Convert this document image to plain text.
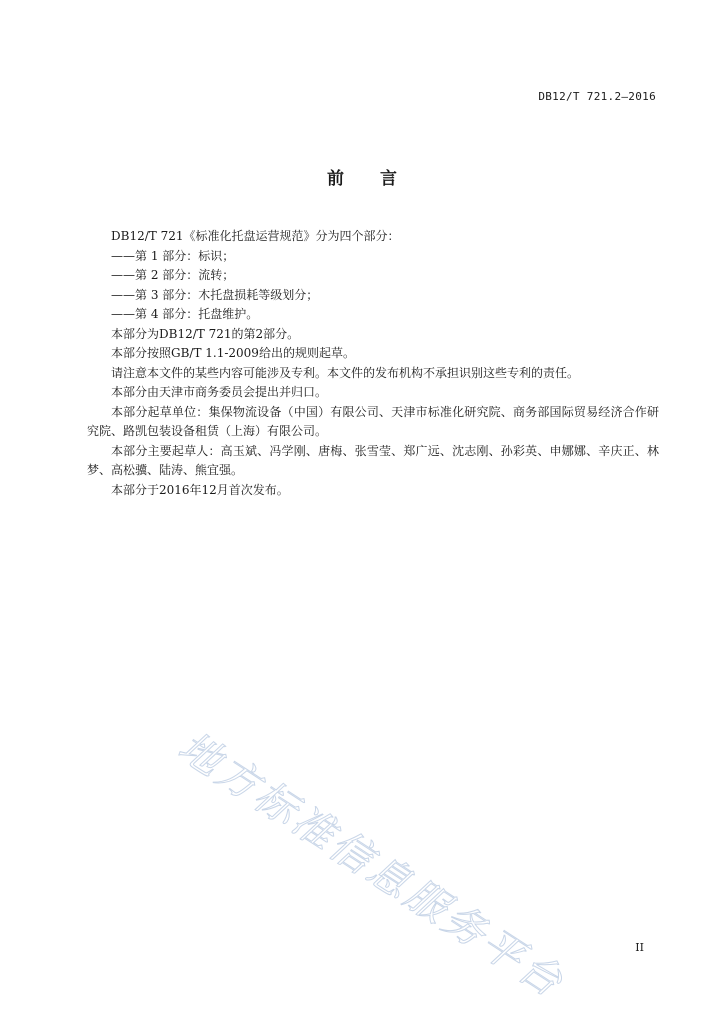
DB12/T 721.2—2016
前言

DB12/T 721《标准化托盘运营规范》分为四个部分：

——第 1 部分：标识；

——第 2 部分：流转；

——第 3 部分：木托盘损耗等级划分；

——第 4 部分：托盘维护。

本部分为DB12/T 721的第2部分。

本部分按照GB/T 1.1-2009给出的规则起草。

请注意本文件的某些内容可能涉及专利。本文件的发布机构不承担识别这些专利的责任。

本部分由天津市商务委员会提出并归口。

本部分起草单位：集保物流设备（中国）有限公司、天津市标准化研究院、商务部国际贸易经济合作研究院、路凯包装设备租赁（上海）有限公司。

本部分主要起草人：高玉斌、冯学刚、唐梅、张雪莹、郑广远、沈志刚、孙彩英、申娜娜、辛庆正、林梦、高松骥、陆涛、熊宜强。

本部分于2016年12月首次发布。

地方标准信息服务平台	II
